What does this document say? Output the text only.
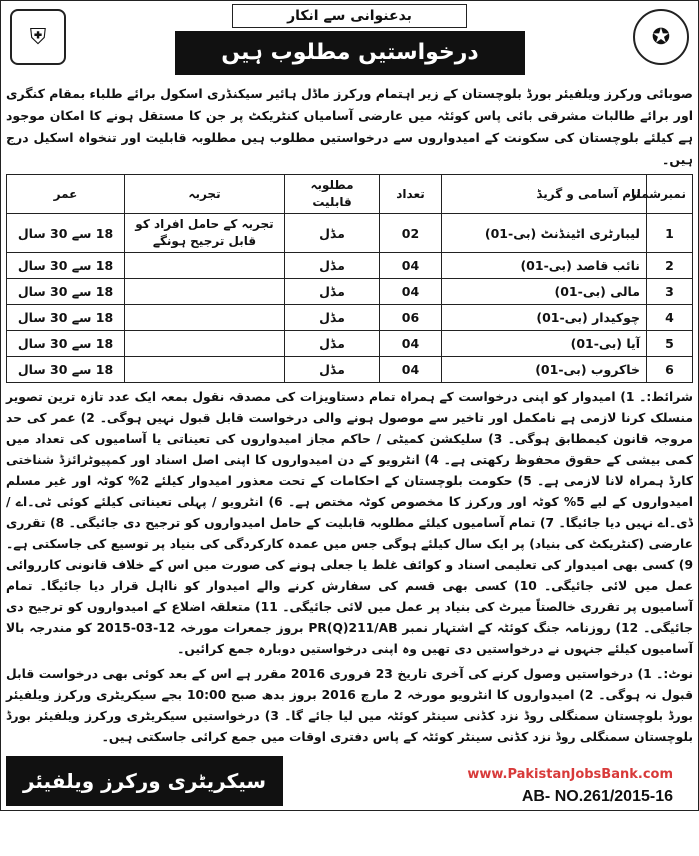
⛨	✪
بدعنوانی سے انکار
درخواستیں مطلوب ہیں
صوبائی ورکرز ویلفیئر بورڈ بلوچستان کے زیر اہتمام ورکرز ماڈل ہائیر سیکنڈری اسکول برائے طلباء بمقام کنگری اور برائے طالبات مشرقی بائی پاس کوئٹہ میں عارضی آسامیاں کنٹریکٹ پر جن کا مستقل ہونے کا امکان موجود ہے کیلئے بلوچستان کی سکونت کے امیدواروں سے درخواستیں مطلوب ہیں مطلوبہ قابلیت اور تنخواہ اسکیل درج ہیں۔
نمبرشمار	نام آسامی و گریڈ	تعداد	مطلوبہ قابلیت	تجربہ	عمر
1	لیبارٹری اٹینڈنٹ (بی-01)	02	مڈل	تجربہ کے حامل افراد کو قابل ترجیح ہونگے	18 سے 30 سال
2	نائب قاصد (بی-01)	04	مڈل		18 سے 30 سال
3	مالی (بی-01)	04	مڈل		18 سے 30 سال
4	چوکیدار (بی-01)	06	مڈل		18 سے 30 سال
5	آیا (بی-01)	04	مڈل		18 سے 30 سال
6	خاکروب (بی-01)	04	مڈل		18 سے 30 سال
شرائط:۔ 1) امیدوار کو اپنی درخواست کے ہمراہ تمام دستاویزات کی مصدقہ نقول بمعہ ایک عدد تازہ ترین تصویر منسلک کرنا لازمی ہے نامکمل اور تاخیر سے موصول ہونے والی درخواست قابل قبول نہیں ہوگی۔ 2) عمر کی حد مروجہ قانون کیمطابق ہوگی۔ 3) سلیکشن کمیٹی / حاکم مجاز امیدواروں کی تعیناتی یا آسامیوں کی تعداد میں کمی بیشی کے حقوق محفوظ رکھتی ہے۔ 4) انٹرویو کے دن امیدواروں کا اپنی اصل اسناد اور کمپیوٹرائزڈ شناختی کارڈ ہمراہ لانا لازمی ہے۔ 5) حکومت بلوچستان کے احکامات کے تحت معذور امیدوار کیلئے 2% کوٹہ اور غیر مسلم امیدواروں کے لیے 5% کوٹہ اور ورکرز کا مخصوص کوٹہ مختص ہے۔ 6) انٹرویو / پہلی تعیناتی کیلئے کوئی ٹی۔اے / ڈی۔اے نہیں دیا جائیگا۔ 7) تمام آسامیوں کیلئے مطلوبہ قابلیت کے حامل امیدواروں کو ترجیح دی جائیگی۔ 8) تقرری عارضی (کنٹریکٹ کی بنیاد) پر ایک سال کیلئے ہوگی جس میں عمدہ کارکردگی کی بنیاد پر توسیع کی جاسکتی ہے۔ 9) کسی بھی امیدوار کی تعلیمی اسناد و کوائف غلط یا جعلی ہونے کی صورت میں اس کے خلاف قانونی کارروائی عمل میں لائی جائیگی۔ 10) کسی بھی قسم کی سفارش کرنے والے امیدوار کو نااہل قرار دیا جائیگا۔ تمام آسامیوں پر تقرری خالصتاً میرٹ کی بنیاد پر عمل میں لائی جائیگی۔ 11) متعلقہ اضلاع کے امیدواروں کو ترجیح دی جائیگی۔ 12) روزنامہ جنگ کوئٹہ کے اشتہار نمبر PR(Q)211/AB بروز جمعرات مورخہ 12-03-2015 کو مندرجہ بالا آسامیوں کیلئے جنہوں نے درخواستیں دی تھیں وہ اپنی درخواستیں دوبارہ جمع کرائیں۔
نوٹ:۔ 1) درخواستیں وصول کرنے کی آخری تاریخ 23 فروری 2016 مقرر ہے اس کے بعد کوئی بھی درخواست قابل قبول نہ ہوگی۔ 2) امیدواروں کا انٹرویو مورخہ 2 مارچ 2016 بروز بدھ صبح 10:00 بجے سیکریٹری ورکرز ویلفیئر بورڈ بلوچستان سمنگلی روڈ نزد کڈنی سینٹر کوئٹہ میں لیا جائے گا۔ 3) درخواستیں سیکریٹری ورکرز ویلفیئر بورڈ بلوچستان سمنگلی روڈ نزد کڈنی سینٹر کوئٹہ کے پاس دفتری اوقات میں جمع کرائی جاسکتی ہیں۔
سیکریٹری ورکرز ویلفیئر بورڈ بلوچستان
www.PakistanJobsBank.com
AB- NO.261/2015-16
